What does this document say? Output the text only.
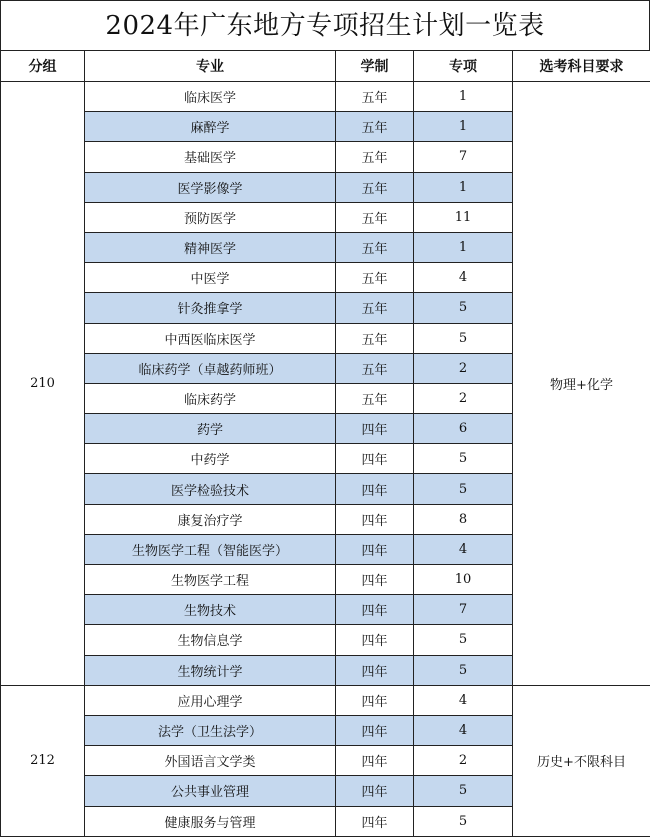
2024年广东地方专项招生计划一览表
分组	专业	学制	专项	选考科目要求
210	临床医学	五年	1	物理+化学
	麻醉学	五年	1	
	基础医学	五年	7	
	医学影像学	五年	1	
	预防医学	五年	11	
	精神医学	五年	1	
	中医学	五年	4	
	针灸推拿学	五年	5	
	中西医临床医学	五年	5	
	临床药学（卓越药师班）	五年	2	
	临床药学	五年	2	
	药学	四年	6	
	中药学	四年	5	
	医学检验技术	四年	5	
	康复治疗学	四年	8	
	生物医学工程（智能医学）	四年	4	
	生物医学工程	四年	10	
	生物技术	四年	7	
	生物信息学	四年	5	
	生物统计学	四年	5	
212	应用心理学	四年	4	历史+不限科目
	法学（卫生法学）	四年	4	
	外国语言文学类	四年	2	
	公共事业管理	四年	5	
	健康服务与管理	四年	5	
